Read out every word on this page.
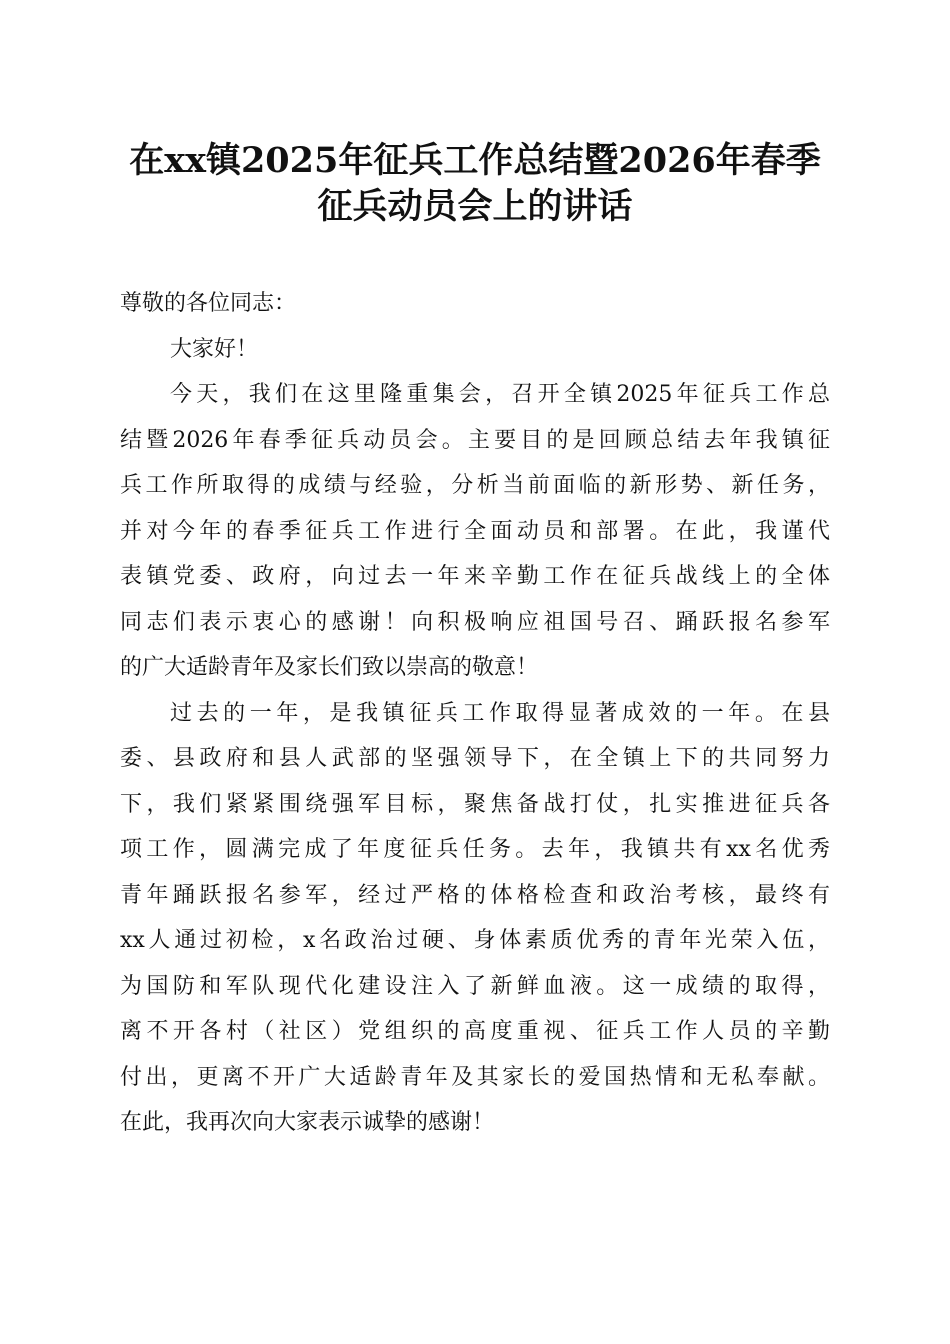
在xx镇2025年征兵工作总结暨2026年春季
征兵动员会上的讲话
尊敬的各位同志：
大家好！
今天，我们在这里隆重集会，召开全镇2025年征兵工作总
结暨2026年春季征兵动员会。主要目的是回顾总结去年我镇征
兵工作所取得的成绩与经验，分析当前面临的新形势、新任务，
并对今年的春季征兵工作进行全面动员和部署。在此，我谨代
表镇党委、政府，向过去一年来辛勤工作在征兵战线上的全体
同志们表示衷心的感谢！向积极响应祖国号召、踊跃报名参军
的广大适龄青年及家长们致以崇高的敬意！
过去的一年，是我镇征兵工作取得显著成效的一年。在县
委、县政府和县人武部的坚强领导下，在全镇上下的共同努力
下，我们紧紧围绕强军目标，聚焦备战打仗，扎实推进征兵各
项工作，圆满完成了年度征兵任务。去年，我镇共有xx名优秀
青年踊跃报名参军，经过严格的体格检查和政治考核，最终有
xx人通过初检，x名政治过硬、身体素质优秀的青年光荣入伍，
为国防和军队现代化建设注入了新鲜血液。这一成绩的取得，
离不开各村（社区）党组织的高度重视、征兵工作人员的辛勤
付出，更离不开广大适龄青年及其家长的爱国热情和无私奉献。
在此，我再次向大家表示诚挚的感谢！
